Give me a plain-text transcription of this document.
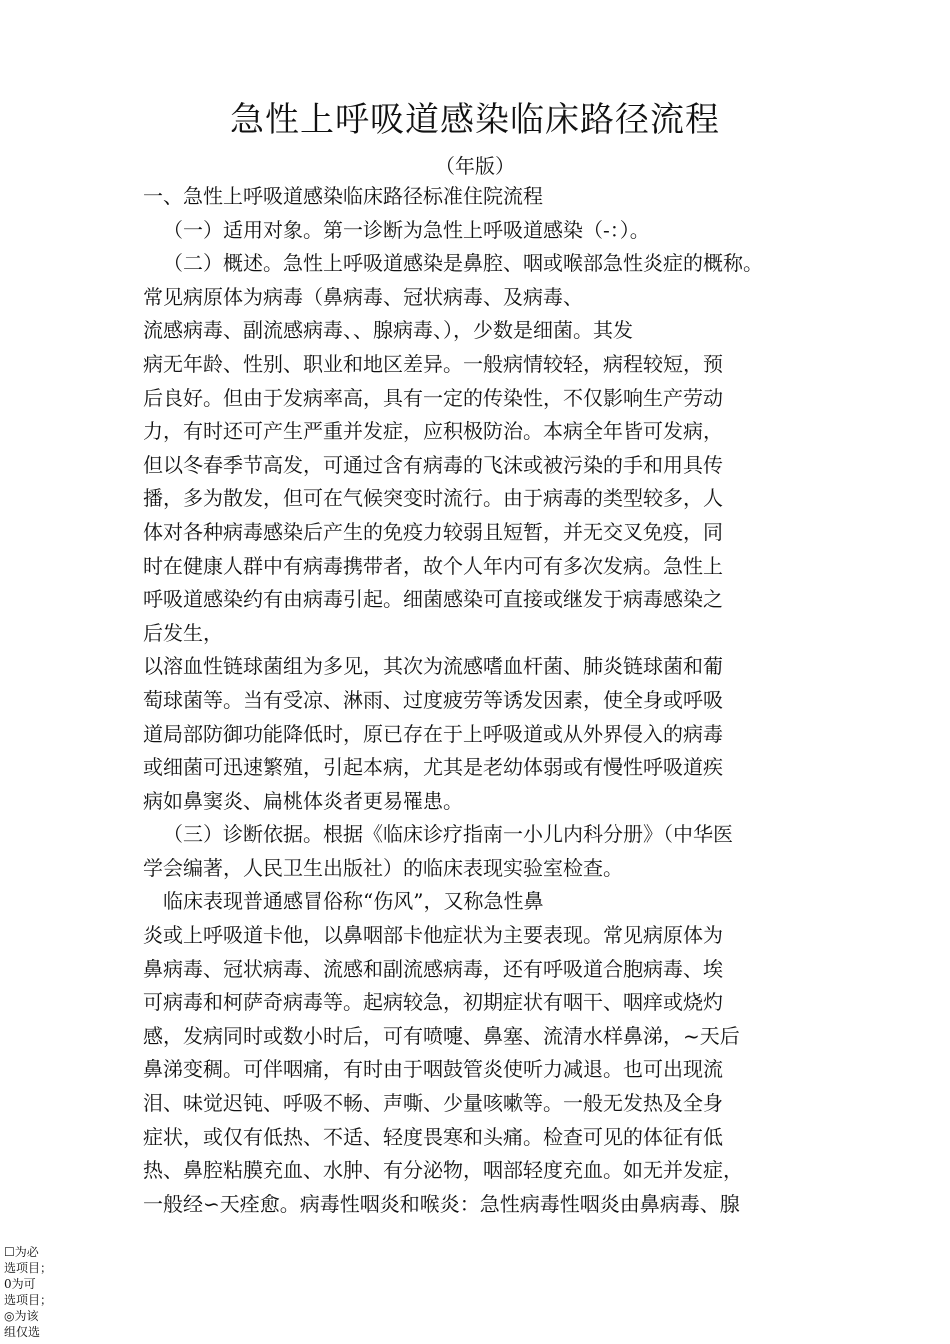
急性上呼吸道感染临床路径流程
（年版）
一、急性上呼吸道感染临床路径标准住院流程
（一）适用对象。第一诊断为急性上呼吸道感染（-：）。
（二）概述。急性上呼吸道感染是鼻腔、咽或喉部急性炎症的概称。
常见病原体为病毒（鼻病毒、冠状病毒、及病毒、
流感病毒、副流感病毒、、腺病毒、），少数是细菌。其发
病无年龄、性别、职业和地区差异。一般病情较轻，病程较短，预
后良好。但由于发病率高，具有一定的传染性，不仅影响生产劳动
力，有时还可产生严重并发症，应积极防治。本病全年皆可发病，
但以冬春季节高发，可通过含有病毒的飞沫或被污染的手和用具传
播，多为散发，但可在气候突变时流行。由于病毒的类型较多，人
体对各种病毒感染后产生的免疫力较弱且短暂，并无交叉免疫，同
时在健康人群中有病毒携带者，故个人年内可有多次发病。急性上
呼吸道感染约有由病毒引起。细菌感染可直接或继发于病毒感染之
后发生，
以溶血性链球菌组为多见，其次为流感嗜血杆菌、肺炎链球菌和葡
萄球菌等。当有受凉、淋雨、过度疲劳等诱发因素，使全身或呼吸
道局部防御功能降低时，原已存在于上呼吸道或从外界侵入的病毒
或细菌可迅速繁殖，引起本病，尤其是老幼体弱或有慢性呼吸道疾
病如鼻窦炎、扁桃体炎者更易罹患。
（三）诊断依据。根据《临床诊疗指南一小儿内科分册》（中华医
学会编著，人民卫生出版社）的临床表现实验室检查。
临床表现普通感冒俗称“伤风”，又称急性鼻
炎或上呼吸道卡他，以鼻咽部卡他症状为主要表现。常见病原体为
鼻病毒、冠状病毒、流感和副流感病毒，还有呼吸道合胞病毒、埃
可病毒和柯萨奇病毒等。起病较急，初期症状有咽干、咽痒或烧灼
感，发病同时或数小时后，可有喷嚏、鼻塞、流清水样鼻涕，~天后
鼻涕变稠。可伴咽痛，有时由于咽鼓管炎使听力减退。也可出现流
泪、味觉迟钝、呼吸不畅、声嘶、少量咳嗽等。一般无发热及全身
症状，或仅有低热、不适、轻度畏寒和头痛。检查可见的体征有低
热、鼻腔粘膜充血、水肿、有分泌物，咽部轻度充血。如无并发症，
一般经∽天痊愈。病毒性咽炎和喉炎：急性病毒性咽炎由鼻病毒、腺
☐为必
选项目；
0为可
选项目；
◎为该
组仅选
